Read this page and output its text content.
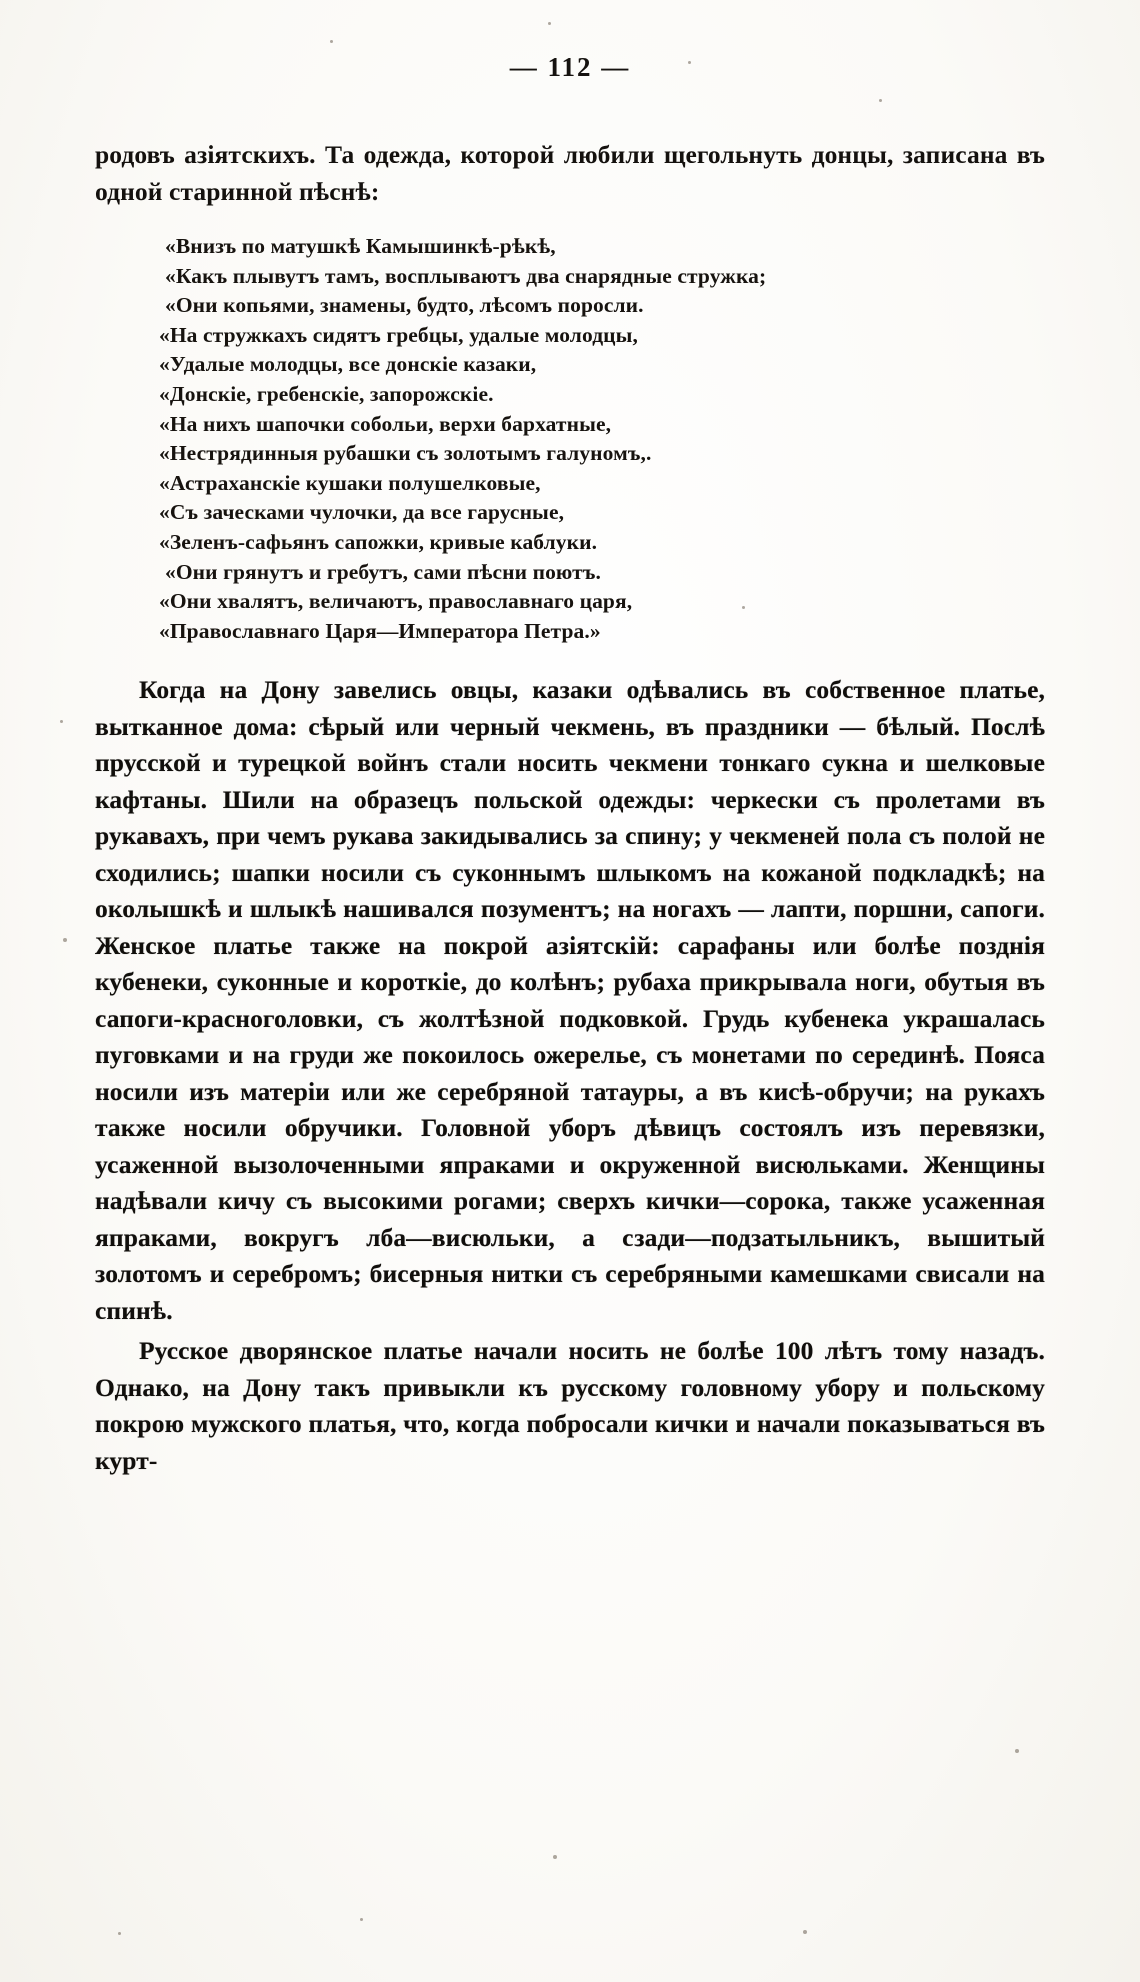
— 112 —

родовъ азіятскихъ. Та одежда, которой любили щегольнуть донцы, записана въ одной старинной пѣснѣ:

«Внизъ по матушкѣ Камышинкѣ-рѣкѣ,
«Какъ плывутъ тамъ, восплываютъ два снарядные стружка;
«Они копьями, знамены, будто, лѣсомъ поросли.
«На стружкахъ сидятъ гребцы, удалые молодцы,
«Удалые молодцы, все донскіе казаки,
«Донскіе, гребенскіе, запорожскіе.
«На нихъ шапочки собольи, верхи бархатные,
«Нестрядинныя рубашки съ золотымъ галуномъ,.
«Астраханскіе кушаки полушелковые,
«Съ заческами чулочки, да все гарусные,
«Зеленъ-сафьянъ сапожки, кривые каблуки.
«Они грянутъ и гребутъ, сами пѣсни поютъ.
«Они хвалятъ, величаютъ, православнаго царя,
«Православнаго Царя—Императора Петра.»

Когда на Дону завелись овцы, казаки одѣвались въ собственное платье, вытканное дома: сѣрый или черный чекмень, въ праздники — бѣлый. Послѣ прусской и турецкой войнъ стали носить чекмени тонкаго сукна и шелковые кафтаны. Шили на образецъ польской одежды: черкески съ пролетами въ рукавахъ, при чемъ рукава закидывались за спину; у чекменей пола съ полой не сходились; шапки носили съ суконнымъ шлыкомъ на кожаной подкладкѣ; на околышкѣ и шлыкѣ нашивался позументъ; на ногахъ — лапти, поршни, сапоги. Женское платье также на покрой азіятскій: сарафаны или болѣе позднія кубенеки, суконные и короткіе, до колѣнъ; рубаха прикрывала ноги, обутыя въ сапоги-красноголовки, съ жолтѣзной подковкой. Грудь кубенека украшалась пуговками и на груди же покоилось ожерелье, съ монетами по серединѣ. Пояса носили изъ матеріи или же серебряной татауры, а въ кисѣ-обручи; на рукахъ также носили обручики. Головной уборъ дѣвицъ состоялъ изъ перевязки, усаженной вызолоченными япраками и окруженной висюльками. Женщины надѣвали кичу съ высокими рогами; сверхъ кички—сорока, также усаженная япраками, вокругъ лба—висюльки, а сзади—подзатыльникъ, вышитый золотомъ и серебромъ; бисерныя нитки съ серебряными камешками свисали на спинѣ.

Русское дворянское платье начали носить не болѣе 100 лѣтъ тому назадъ. Однако, на Дону такъ привыкли къ русскому головному убору и польскому покрою мужского платья, что, когда побросали кички и начали показываться въ курт-
